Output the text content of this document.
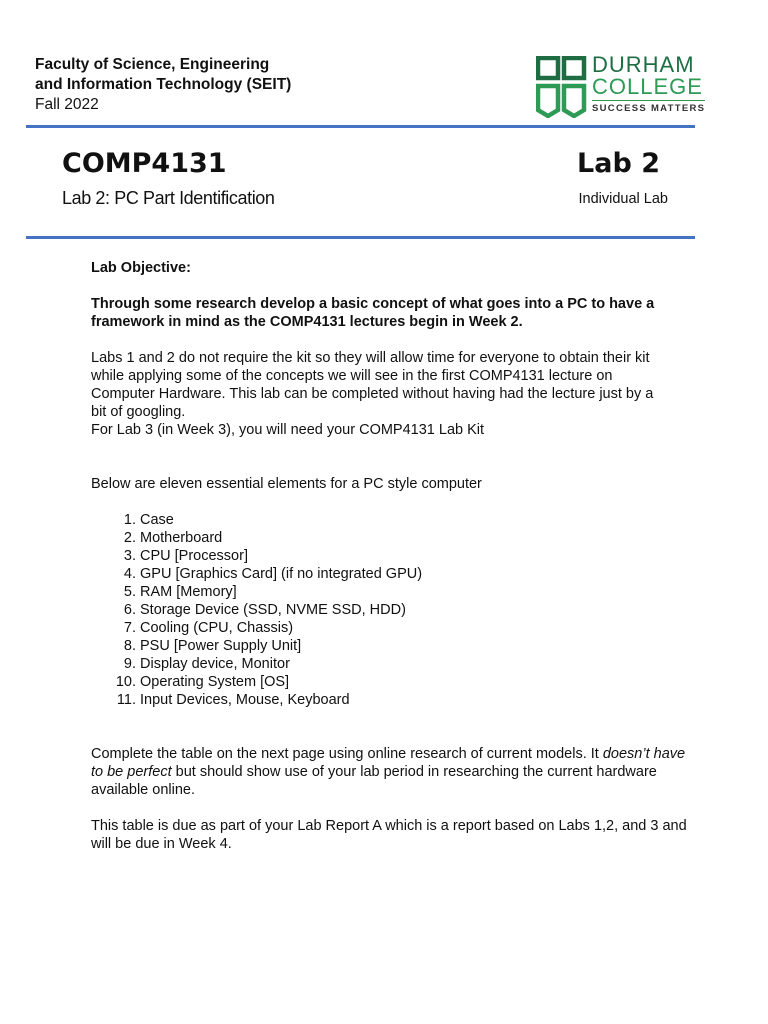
Faculty of Science, Engineering
and Information Technology (SEIT)
Fall 2022
DURHAM
COLLEGE
SUCCESS MATTERS
COMP4131	Lab 2
Lab 2: PC Part Identification	Individual Lab

Lab Objective:

Through some research develop a basic concept of what goes into a PC to have a framework in mind as the COMP4131 lectures begin in Week 2.

Labs 1 and 2 do not require the kit so they will allow time for everyone to obtain their kit

while applying some of the concepts we will see in the first COMP4131 lecture on

Computer Hardware. This lab can be completed without having had the lecture just by a

bit of googling.

For Lab 3 (in Week 3), you will need your COMP4131 Lab Kit

Below are eleven essential elements for a PC style computer

1. Case
2. Motherboard
3. CPU [Processor]
4. GPU [Graphics Card] (if no integrated GPU)
5. RAM [Memory]
6. Storage Device (SSD, NVME SSD, HDD)
7. Cooling (CPU, Chassis)
8. PSU [Power Supply Unit]
9. Display device, Monitor
10. Operating System [OS]
11. Input Devices, Mouse, Keyboard

Complete the table on the next page using online research of current models. It doesn’t have to be perfect but should show use of your lab period in researching the current hardware available online.

This table is due as part of your Lab Report A which is a report based on Labs 1,2, and 3 and will be due in Week 4.
